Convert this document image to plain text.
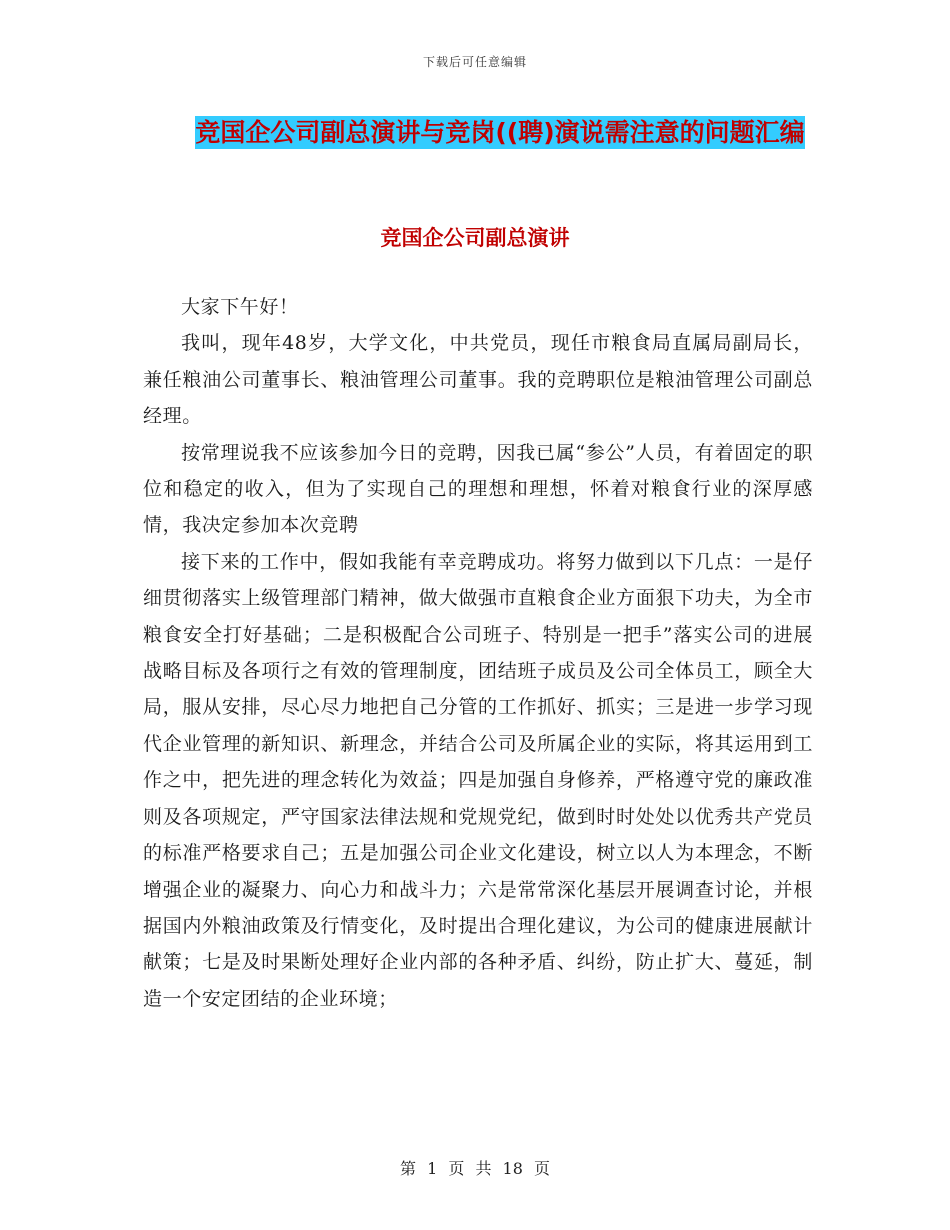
下载后可任意编辑
竞国企公司副总演讲与竞岗((聘)演说需注意的问题汇编
竞国企公司副总演讲

大家下午好！

我叫，现年48岁，大学文化，中共党员，现任市粮食局直属局副局长，兼任粮油公司董事长、粮油管理公司董事。我的竞聘职位是粮油管理公司副总经理。

按常理说我不应该参加今日的竞聘，因我已属“参公”人员，有着固定的职位和稳定的收入，但为了实现自己的理想和理想，怀着对粮食行业的深厚感情，我决定参加本次竞聘

接下来的工作中，假如我能有幸竞聘成功。将努力做到以下几点：一是仔细贯彻落实上级管理部门精神，做大做强市直粮食企业方面狠下功夫，为全市粮食安全打好基础；二是积极配合公司班子、特别是一把手”落实公司的进展战略目标及各项行之有效的管理制度，团结班子成员及公司全体员工，顾全大局，服从安排，尽心尽力地把自己分管的工作抓好、抓实；三是进一步学习现代企业管理的新知识、新理念，并结合公司及所属企业的实际，将其运用到工作之中，把先进的理念转化为效益；四是加强自身修养，严格遵守党的廉政准则及各项规定，严守国家法律法规和党规党纪，做到时时处处以优秀共产党员的标准严格要求自己；五是加强公司企业文化建设，树立以人为本理念，不断增强企业的凝聚力、向心力和战斗力；六是常常深化基层开展调查讨论，并根据国内外粮油政策及行情变化，及时提出合理化建议，为公司的健康进展献计献策；七是及时果断处理好企业内部的各种矛盾、纠纷，防止扩大、蔓延，制造一个安定团结的企业环境；

第 1 页 共 18 页
